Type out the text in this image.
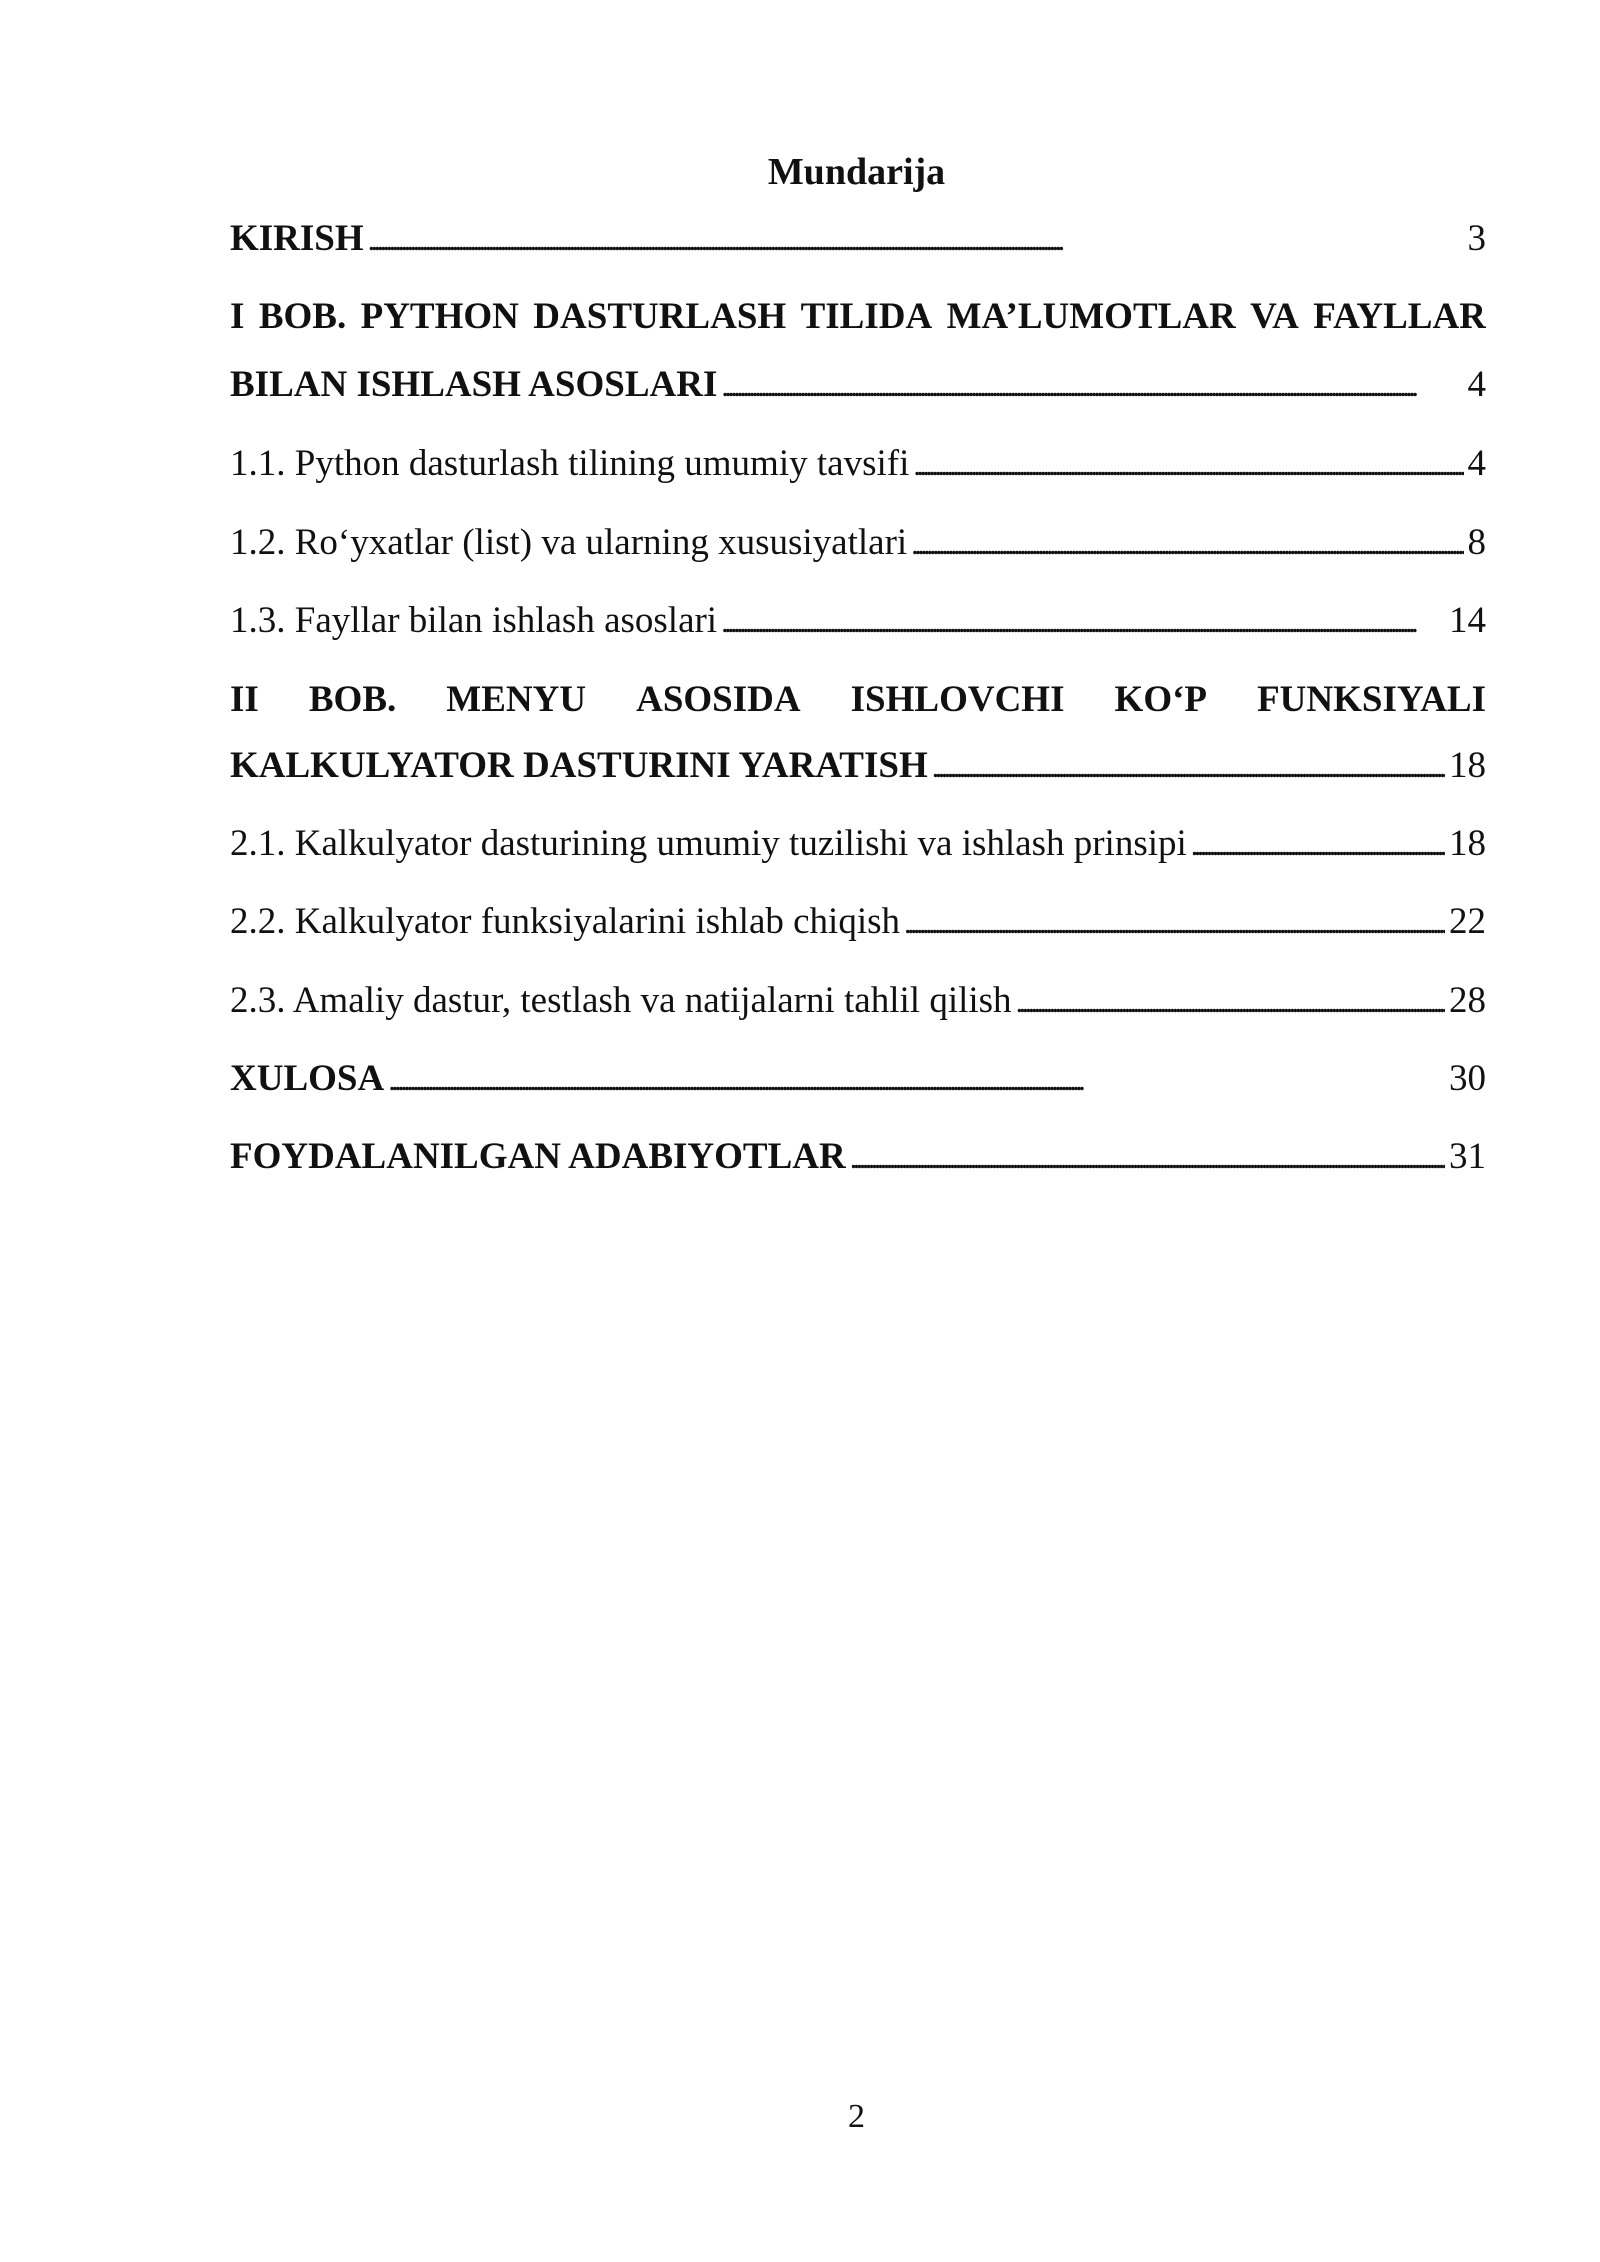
Mundarija
KIRISH . . .	3
I BOB. PYTHON DASTURLASH TILIDA MA’LUMOTLAR VA FAYLLAR
BILAN ISHLASH ASOSLARI . . .	4
1.1. Python dasturlash tilining umumiy tavsifi . . .	4
1.2. Ro‘yxatlar (list) va ularning xususiyatlari . . .	8
1.3. Fayllar bilan ishlash asoslari . . .	14
II BOB. MENYU ASOSIDA ISHLOVCHI KO‘P FUNKSIYALI
KALKULYATOR DASTURINI YARATISH . . .	18
2.1. Kalkulyator dasturining umumiy tuzilishi va ishlash prinsipi . . .	18
2.2. Kalkulyator funksiyalarini ishlab chiqish . . .	22
2.3. Amaliy dastur, testlash va natijalarni tahlil qilish . . .	28
XULOSA . . .	30
FOYDALANILGAN ADABIYOTLAR . . .	31
2
